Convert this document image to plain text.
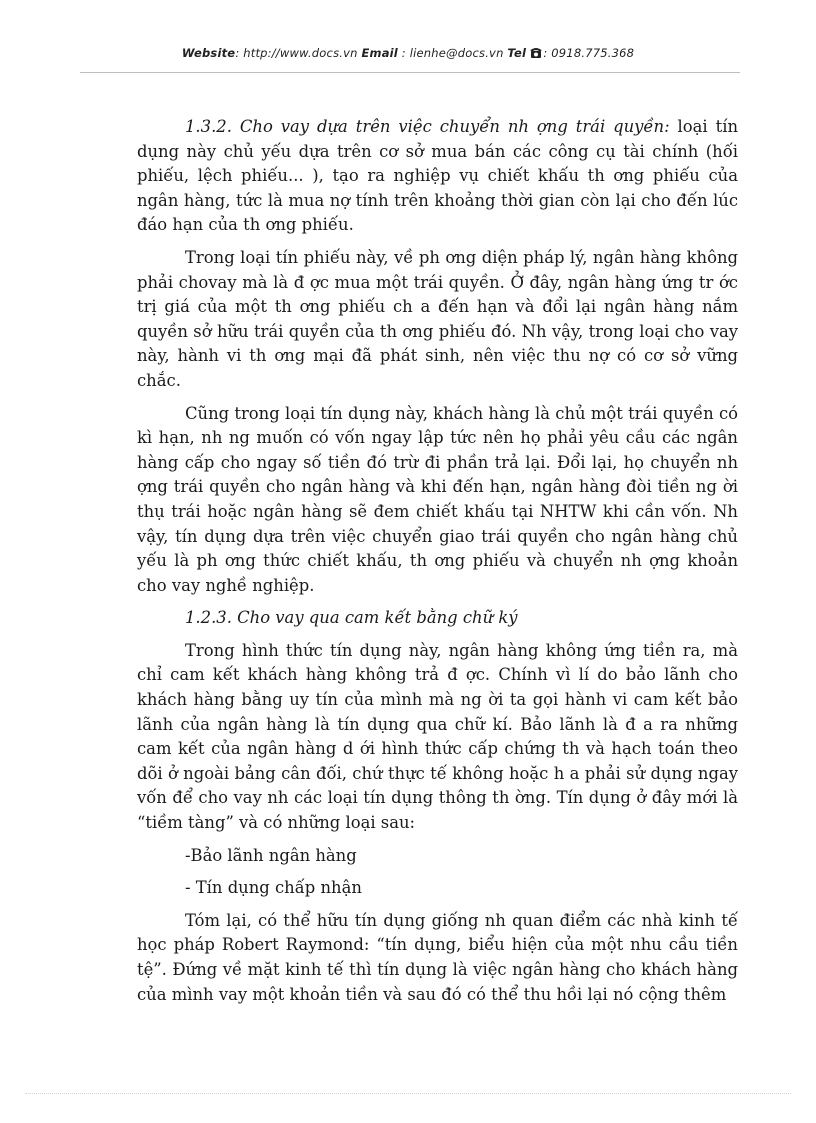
Website: http://www.docs.vn Email : lienhe@docs.vn Tel : 0918.775.368

1.3.2. Cho vay dựa trên việc chuyển nh ợng trái quyền: loại tín dụng này chủ yếu dựa trên cơ sở mua bán các công cụ tài chính (hối phiếu, lệch phiếu... ), tạo ra nghiệp vụ chiết khấu th ơng phiếu của ngân hàng, tức là mua nợ tính trên khoảng thời gian còn lại cho đến lúc đáo hạn của th ơng phiếu.

Trong loại tín phiếu này, về ph ơng diện pháp lý, ngân hàng không phải chovay mà là đ ợc mua một trái quyền. Ở đây, ngân hàng ứng tr ớc trị giá của một th ơng phiếu ch a đến hạn và đổi lại ngân hàng nắm quyền sở hữu trái quyền của th ơng phiếu đó. Nh vậy, trong loại cho vay này, hành vi th ơng mại đã phát sinh, nên việc thu nợ có cơ sở vững chắc.

Cũng trong loại tín dụng này, khách hàng là chủ một trái quyền có kì hạn, nh ng muốn có vốn ngay lập tức nên họ phải yêu cầu các ngân hàng cấp cho ngay số tiền đó trừ đi phần trả lại. Đổi lại, họ chuyển nh ợng trái quyền cho ngân hàng và khi đến hạn, ngân hàng đòi tiền ng ời thụ trái hoặc ngân hàng sẽ đem chiết khấu tại NHTW khi cần vốn. Nh vậy, tín dụng dựa trên việc chuyển giao trái quyền cho ngân hàng chủ yếu là ph ơng thức chiết khấu, th ơng phiếu và chuyển nh ợng khoản cho vay nghề nghiệp.

1.2.3. Cho vay qua cam kết bằng chữ ký

Trong hình thức tín dụng này, ngân hàng không ứng tiền ra, mà chỉ cam kết khách hàng không trả đ ợc. Chính vì lí do bảo lãnh cho khách hàng bằng uy tín của mình mà ng ời ta gọi hành vi cam kết bảo lãnh của ngân hàng là tín dụng qua chữ kí. Bảo lãnh là đ a ra những cam kết của ngân hàng d ới hình thức cấp chứng th và hạch toán theo dõi ở ngoài bảng cân đối, chứ thực tế không hoặc h a phải sử dụng ngay vốn để cho vay nh các loại tín dụng thông th ờng. Tín dụng ở đây mới là “tiềm tàng” và có những loại sau:

-Bảo lãnh ngân hàng

- Tín dụng chấp nhận

Tóm lại, có thể hữu tín dụng giống nh quan điểm các nhà kinh tế học pháp Robert Raymond: “tín dụng, biểu hiện của một nhu cầu tiền tệ”. Đứng về mặt kinh tế thì tín dụng là việc ngân hàng cho khách hàng của mình vay một khoản tiền và sau đó có thể thu hồi lại nó cộng thêm
